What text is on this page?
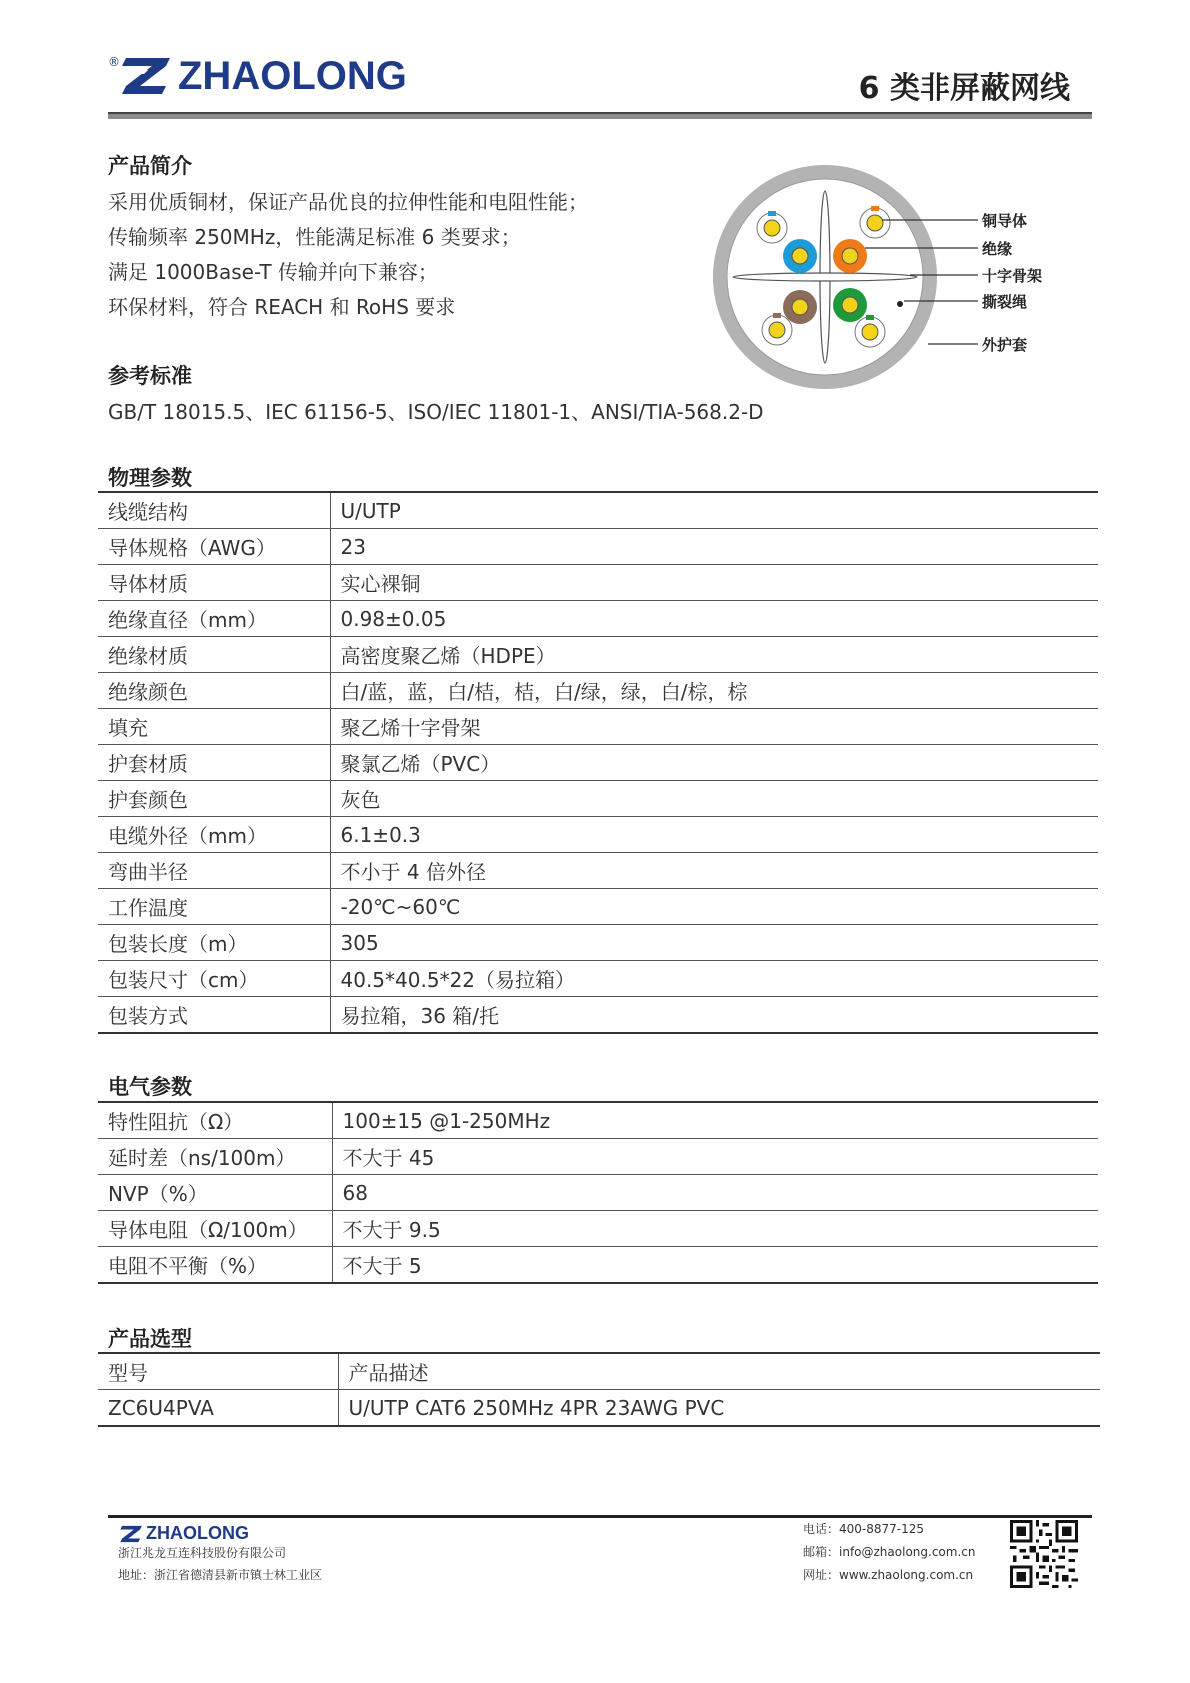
® ZHAOLONG	6 类非屏蔽网线
产品简介
采用优质铜材，保证产品优良的拉伸性能和电阻性能；
传输频率 250MHz，性能满足标准 6 类要求；
满足 1000Base-T 传输并向下兼容；
环保材料，符合 REACH 和 RoHS 要求
铜导体
绝缘
十字骨架
撕裂绳
外护套
参考标准
GB/T 18015.5、IEC 61156-5、ISO/IEC 11801-1、ANSI/TIA-568.2-D
物理参数
线缆结构	U/UTP
导体规格（AWG）	23
导体材质	实心裸铜
绝缘直径（mm）	0.98±0.05
绝缘材质	高密度聚乙烯（HDPE）
绝缘颜色	白/蓝，蓝，白/桔，桔，白/绿，绿，白/棕，棕
填充	聚乙烯十字骨架
护套材质	聚氯乙烯（PVC）
护套颜色	灰色
电缆外径（mm）	6.1±0.3
弯曲半径	不小于 4 倍外径
工作温度	-20℃~60℃
包装长度（m）	305
包装尺寸（cm）	40.5*40.5*22（易拉箱）
包装方式	易拉箱，36 箱/托
电气参数
特性阻抗（Ω）	100±15 @1-250MHz
延时差（ns/100m）	不大于 45
NVP（%）	68
导体电阻（Ω/100m）	不大于 9.5
电阻不平衡（%）	不大于 5
产品选型
型号	产品描述
ZC6U4PVA	U/UTP CAT6 250MHz 4PR 23AWG PVC
ZHAOLONG
浙江兆龙互连科技股份有限公司
地址：浙江省德清县新市镇士林工业区
电话：400-8877-125
邮箱：info@zhaolong.com.cn
网址：www.zhaolong.com.cn
